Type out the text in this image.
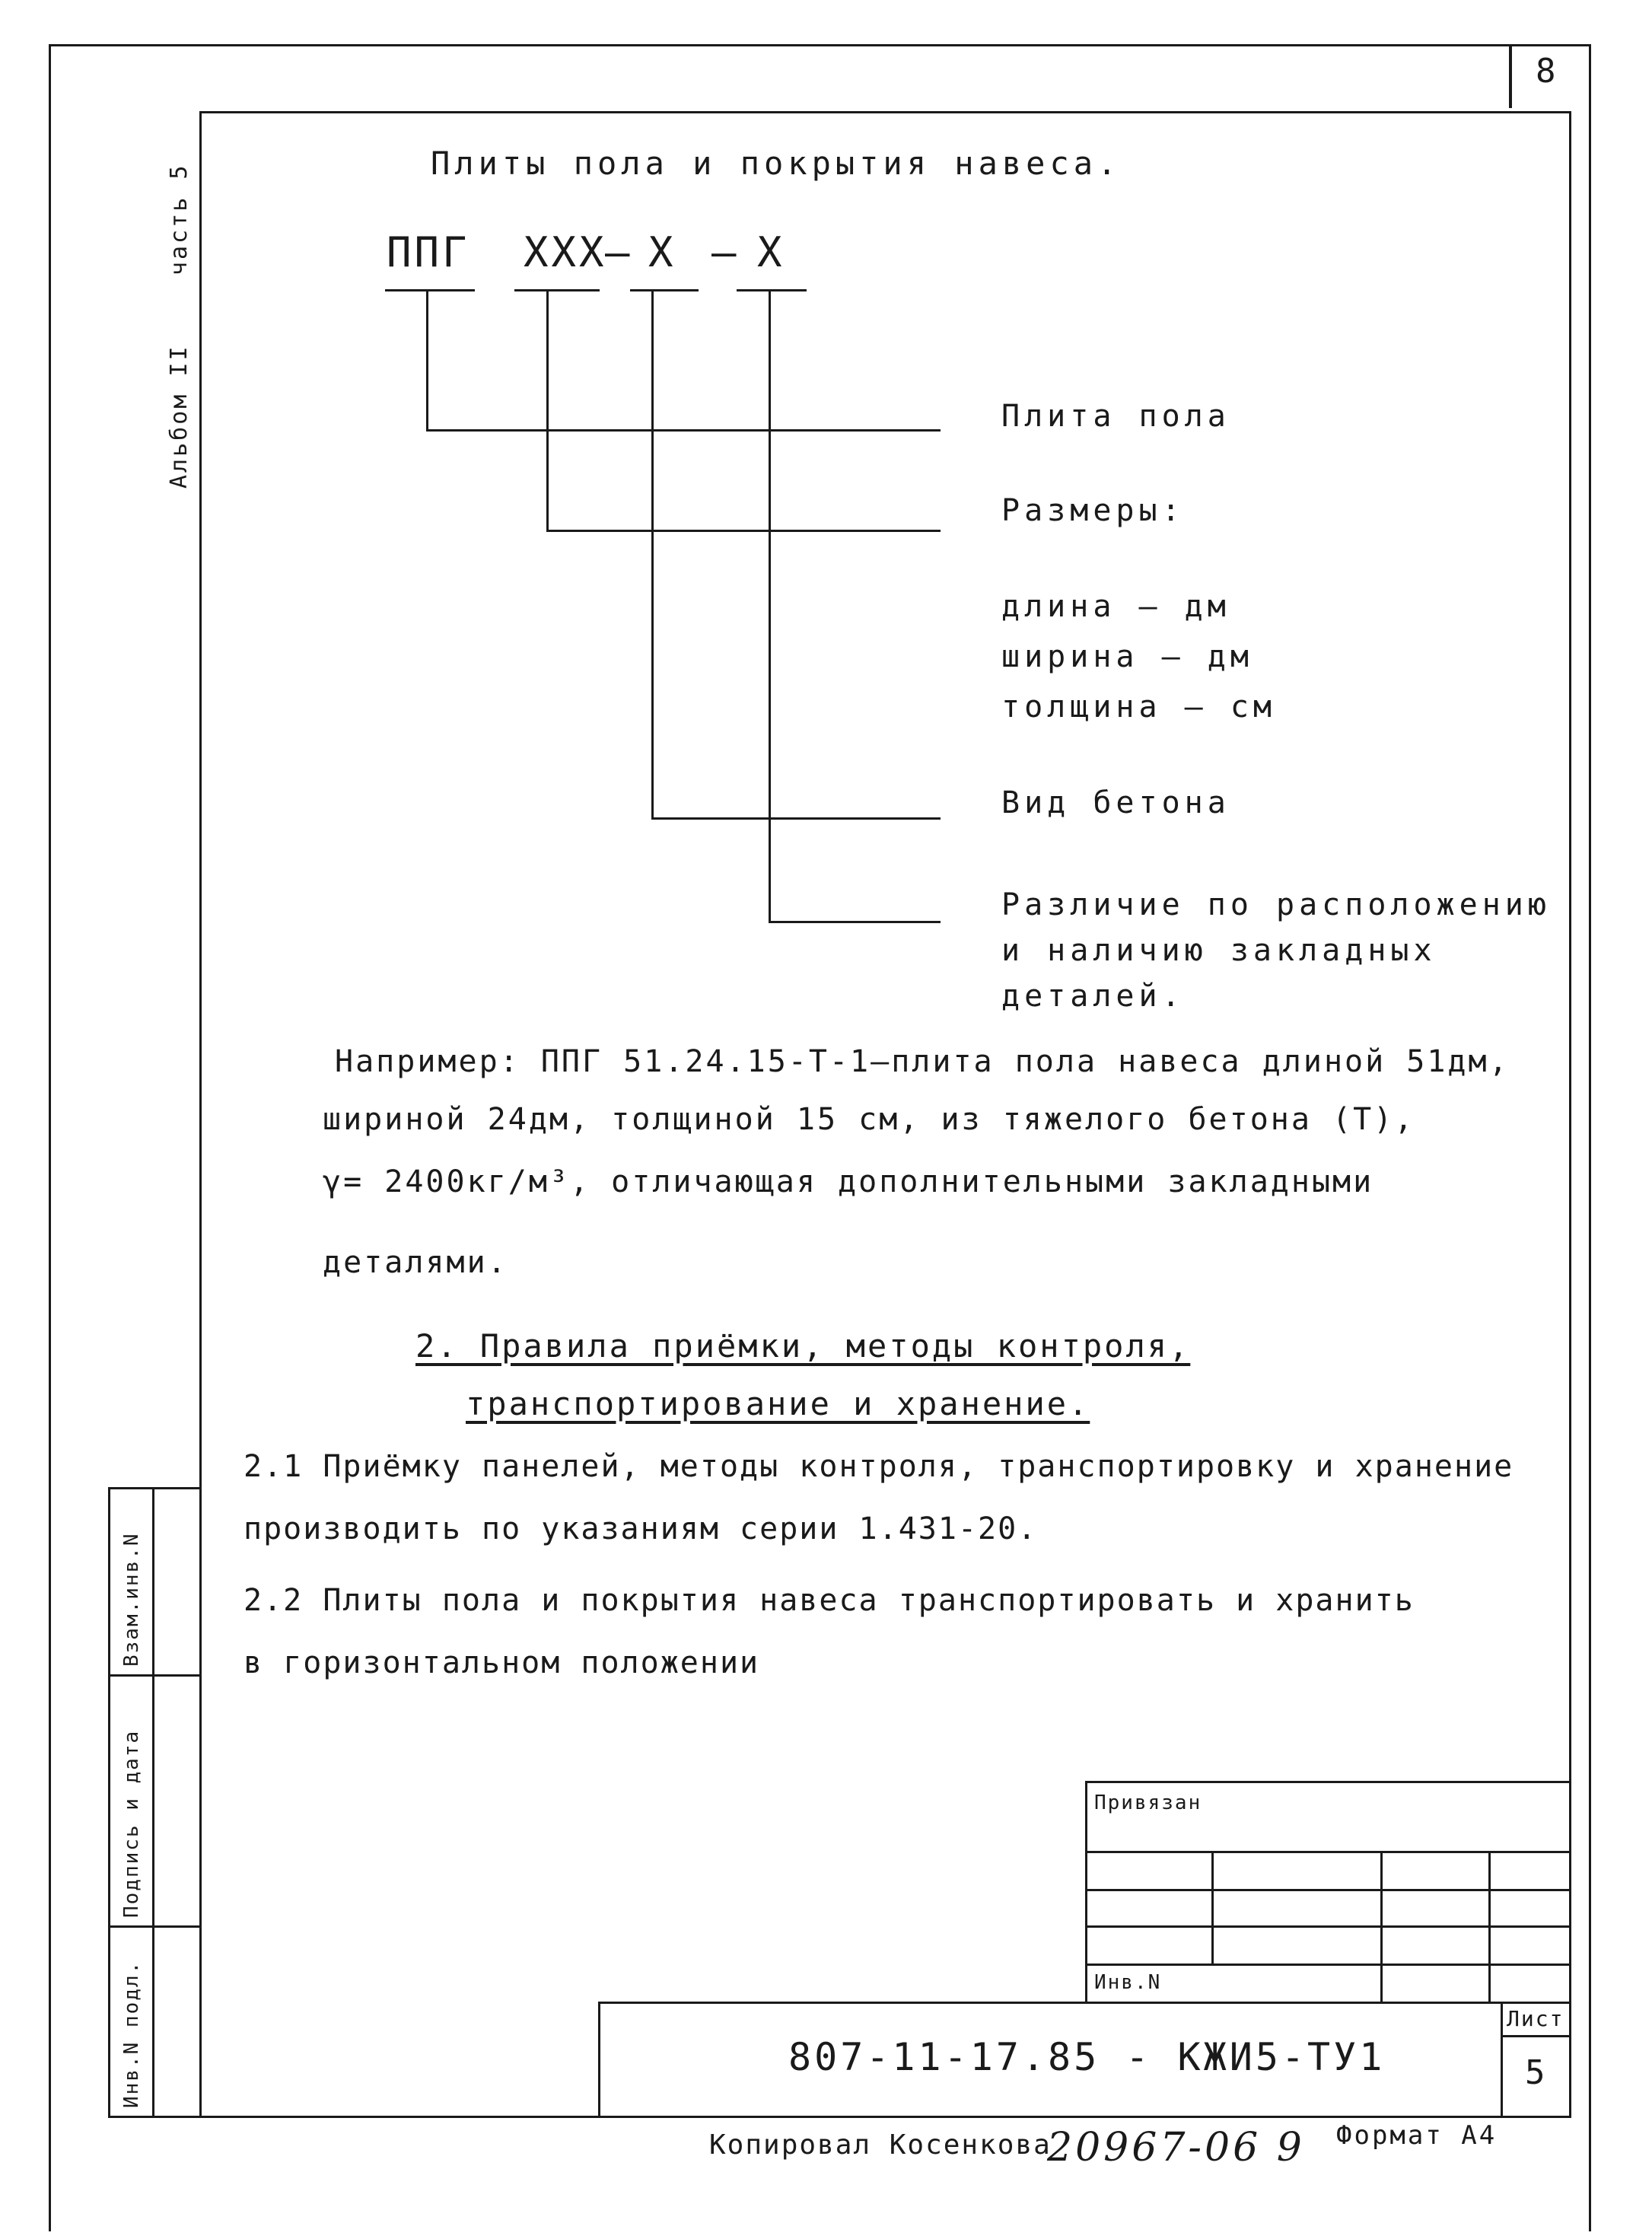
8
Альбом II
часть 5
Плиты пола и покрытия навеса.
ППГ XXX
– X – X
Плита пола
Размеры:
длина – дм
ширина – дм
толщина – см
Вид бетона
Различие по расположению
и наличию закладных
деталей.
Например: ППГ 51.24.15-Т-1—плита пола навеса длиной 51дм,
шириной 24дм, толщиной 15 см, из тяжелого бетона (Т),
γ= 2400кг/м³, отличающая дополнительными закладными
деталями.
2. Правила приёмки, методы контроля,
транспортирование и хранение.
2.1 Приёмку панелей, методы контроля, транспортировку и хранение
производить по указаниям серии 1.431-20.
2.2 Плиты пола и покрытия навеса транспортировать и хранить
в горизонтальном положении
Взам.инв.N
Подпись и дата
Инв.N подл.
Привязан
Инв.N
807-11-17.85 - КЖИ5-ТУ1
Лист
5
Копировал Косенкова
20967-06 9 Формат А4
